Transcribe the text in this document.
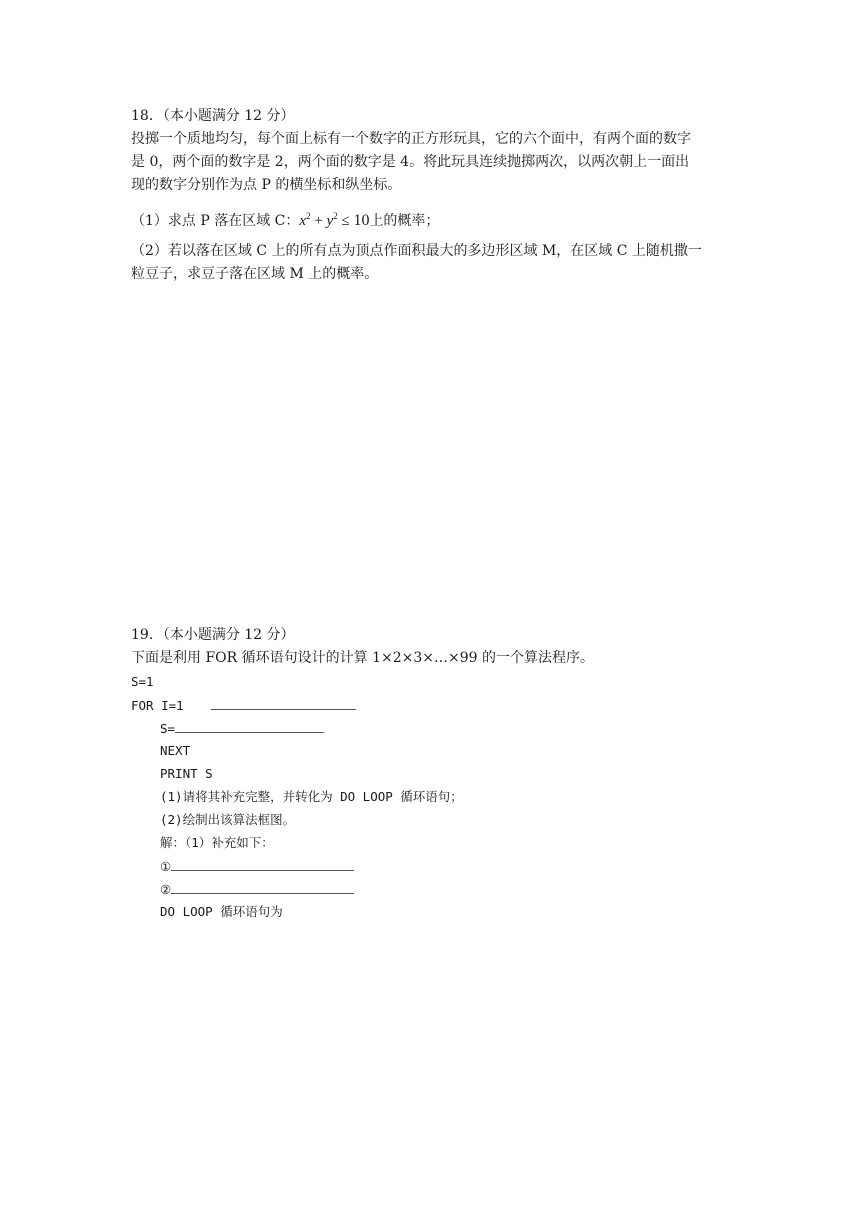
18．（本小题满分 12 分）
投掷一个质地均匀，每个面上标有一个数字的正方形玩具，它的六个面中，有两个面的数字
是 0，两个面的数字是 2，两个面的数字是 4。将此玩具连续抛掷两次，以两次朝上一面出
现的数字分别作为点 P 的横坐标和纵坐标。
（1）求点 P 落在区域 C：$x^2 + y^2 \le 10$上的概率；
（2）若以落在区域 C 上的所有点为顶点作面积最大的多边形区域 M，在区域 C 上随机撒一
粒豆子，求豆子落在区域 M 上的概率。
19．（本小题满分 12 分）
下面是利用 FOR 循环语句设计的计算 1×2×3×…×99 的一个算法程序。
S=1
FOR I=1
S=
NEXT
PRINT S
(1)请将其补充完整，并转化为 DO LOOP 循环语句；
(2)绘制出该算法框图。
解：（1）补充如下：
①
②
DO LOOP 循环语句为
